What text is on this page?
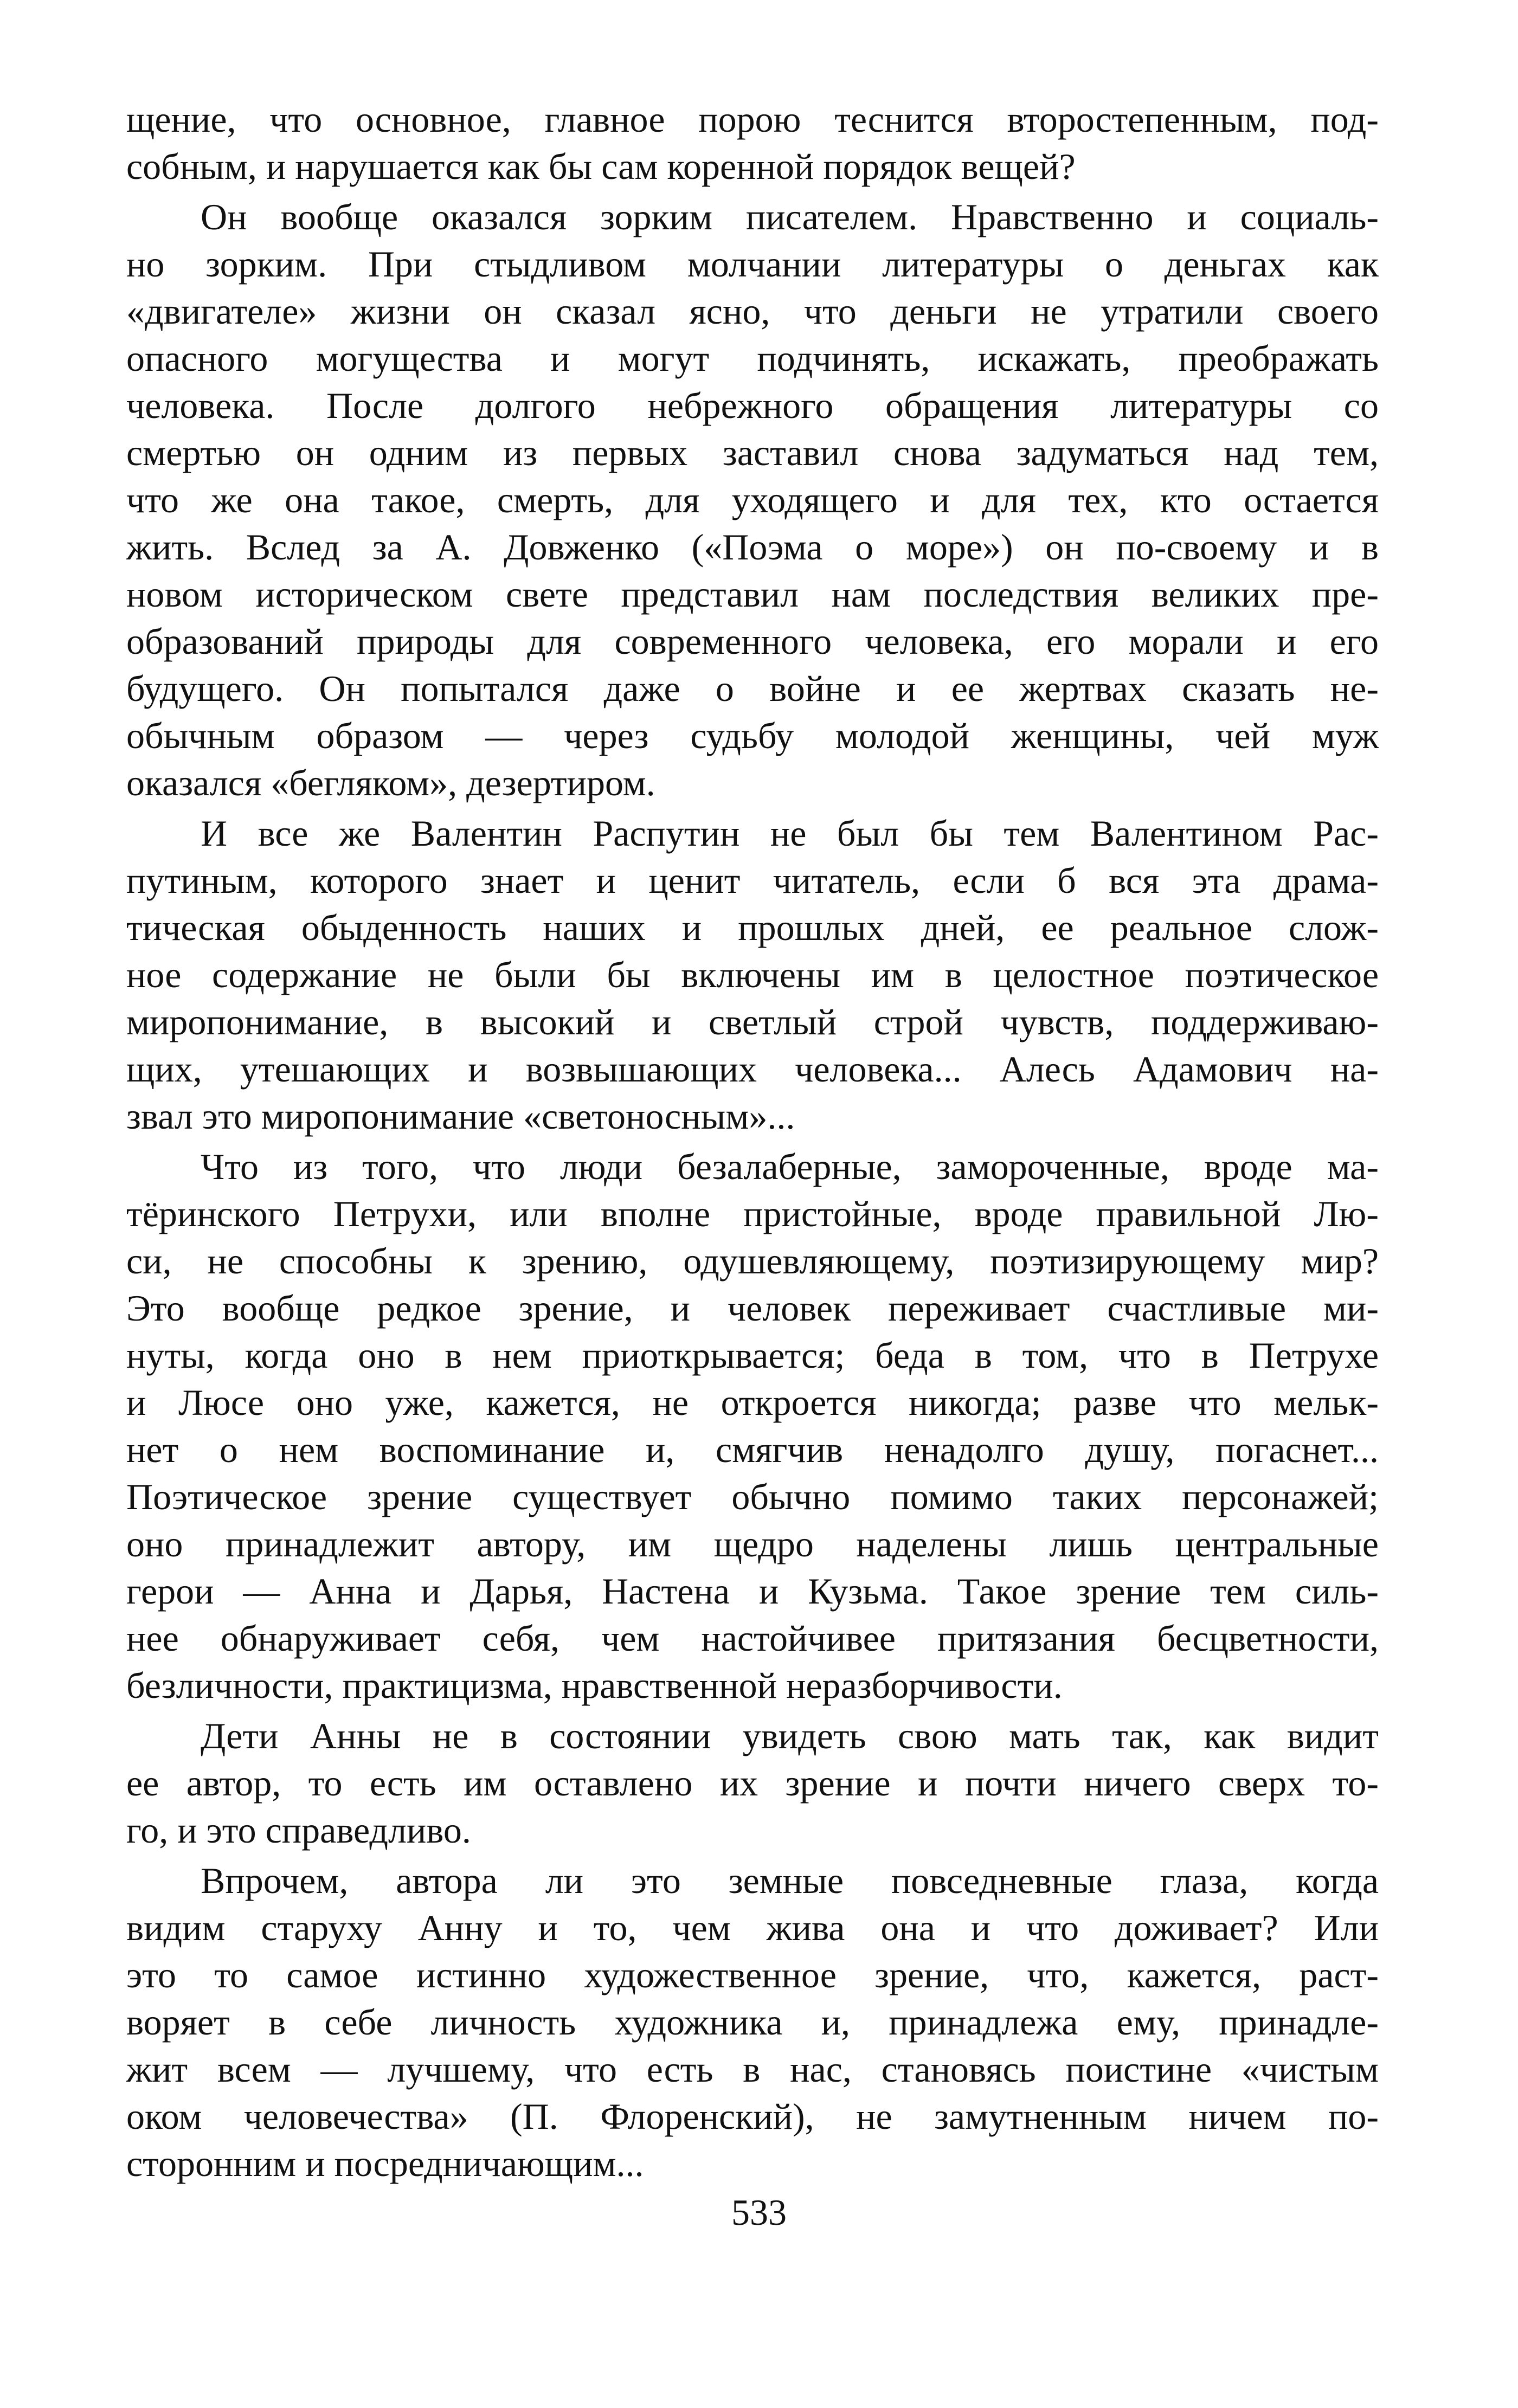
щение, что основное, главное порою теснится второстепенным, под-
собным, и нарушается как бы сам коренной порядок вещей?
Он вообще оказался зорким писателем. Нравственно и социаль-
но зорким. При стыдливом молчании литературы о деньгах как
«двигателе» жизни он сказал ясно, что деньги не утратили своего
опасного могущества и могут подчинять, искажать, преображать
человека. После долгого небрежного обращения литературы со
смертью он одним из первых заставил снова задуматься над тем,
что же она такое, смерть, для уходящего и для тех, кто остается
жить. Вслед за А. Довженко («Поэма о море») он по-своему и в
новом историческом свете представил нам последствия великих пре-
образований природы для современного человека, его морали и его
будущего. Он попытался даже о войне и ее жертвах сказать не-
обычным образом — через судьбу молодой женщины, чей муж
оказался «бегляком», дезертиром.
И все же Валентин Распутин не был бы тем Валентином Рас-
путиным, которого знает и ценит читатель, если б вся эта драма-
тическая обыденность наших и прошлых дней, ее реальное слож-
ное содержание не были бы включены им в целостное поэтическое
миропонимание, в высокий и светлый строй чувств, поддерживаю-
щих, утешающих и возвышающих человека... Алесь Адамович на-
звал это миропонимание «светоносным»...
Что из того, что люди безалаберные, замороченные, вроде ма-
тёринского Петрухи, или вполне пристойные, вроде правильной Лю-
си, не способны к зрению, одушевляющему, поэтизирующему мир?
Это вообще редкое зрение, и человек переживает счастливые ми-
нуты, когда оно в нем приоткрывается; беда в том, что в Петрухе
и Люсе оно уже, кажется, не откроется никогда; разве что мельк-
нет о нем воспоминание и, смягчив ненадолго душу, погаснет...
Поэтическое зрение существует обычно помимо таких персонажей;
оно принадлежит автору, им щедро наделены лишь центральные
герои — Анна и Дарья, Настена и Кузьма. Такое зрение тем силь-
нее обнаруживает себя, чем настойчивее притязания бесцветности,
безличности, практицизма, нравственной неразборчивости.
Дети Анны не в состоянии увидеть свою мать так, как видит
ее автор, то есть им оставлено их зрение и почти ничего сверх то-
го, и это справедливо.
Впрочем, автора ли это земные повседневные глаза, когда
видим старуху Анну и то, чем жива она и что доживает? Или
это то самое истинно художественное зрение, что, кажется, раст-
воряет в себе личность художника и, принадлежа ему, принадле-
жит всем — лучшему, что есть в нас, становясь поистине «чистым
оком человечества» (П. Флоренский), не замутненным ничем по-
сторонним и посредничающим...
533
